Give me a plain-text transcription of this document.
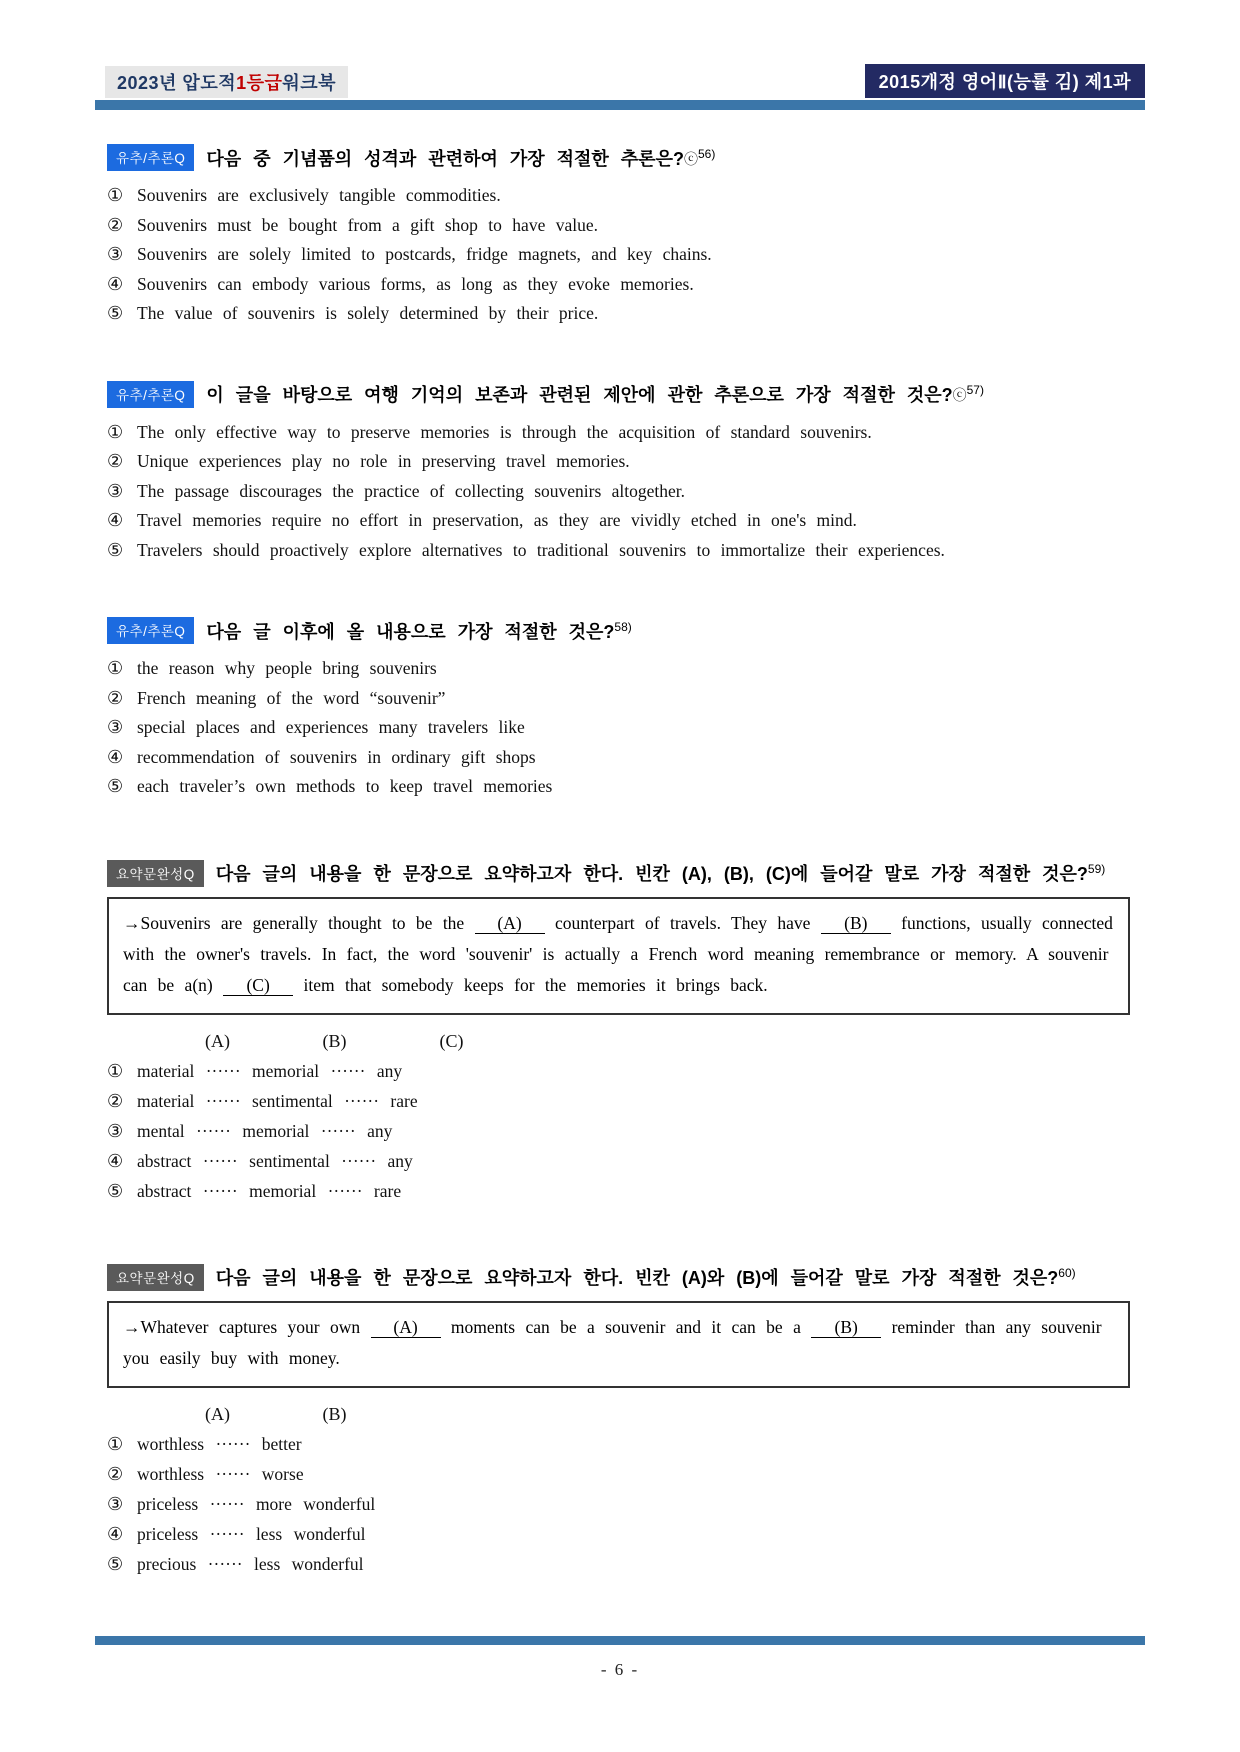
2023년 압도적1등급워크북	2015개정 영어Ⅱ(능률 김) 제1과
유추/추론Q	다음 중 기념품의 성격과 관련하여 가장 적절한 추론은?ⓒ$^{56)}$
① Souvenirs are exclusively tangible commodities.
② Souvenirs must be bought from a gift shop to have value.
③ Souvenirs are solely limited to postcards, fridge magnets, and key chains.
④ Souvenirs can embody various forms, as long as they evoke memories.
⑤ The value of souvenirs is solely determined by their price.
유추/추론Q	이 글을 바탕으로 여행 기억의 보존과 관련된 제안에 관한 추론으로 가장 적절한 것은?ⓒ$^{57)}$
① The only effective way to preserve memories is through the acquisition of standard souvenirs.
② Unique experiences play no role in preserving travel memories.
③ The passage discourages the practice of collecting souvenirs altogether.
④ Travel memories require no effort in preservation, as they are vividly etched in one's mind.
⑤ Travelers should proactively explore alternatives to traditional souvenirs to immortalize their experiences.
유추/추론Q	다음 글 이후에 올 내용으로 가장 적절한 것은?$^{58)}$
① the reason why people bring souvenirs
② French meaning of the word “souvenir”
③ special places and experiences many travelers like
④ recommendation of souvenirs in ordinary gift shops
⑤ each traveler’s own methods to keep travel memories
요약문완성Q	다음 글의 내용을 한 문장으로 요약하고자 한다. 빈칸 (A), (B), (C)에 들어갈 말로 가장 적절한 것은?$^{59)}$
→Souvenirs are generally thought to be the (A) counterpart of travels. They have (B) functions, usually connected with the owner's travels. In fact, the word 'souvenir' is actually a French word meaning remembrance or memory. A souvenir can be a(n) (C) item that somebody keeps for the memories it brings back.
(A)	(B)	(C)
① material ······ memorial ······ any
② material ······ sentimental ······ rare
③ mental ······ memorial ······ any
④ abstract ······ sentimental ······ any
⑤ abstract ······ memorial ······ rare
요약문완성Q	다음 글의 내용을 한 문장으로 요약하고자 한다. 빈칸 (A)와 (B)에 들어갈 말로 가장 적절한 것은?$^{60)}$
→Whatever captures your own (A) moments can be a souvenir and it can be a (B) reminder than any souvenir you easily buy with money.
(A)	(B)
① worthless ······ better
② worthless ······ worse
③ priceless ······ more wonderful
④ priceless ······ less wonderful
⑤ precious ······ less wonderful
- 6 -
